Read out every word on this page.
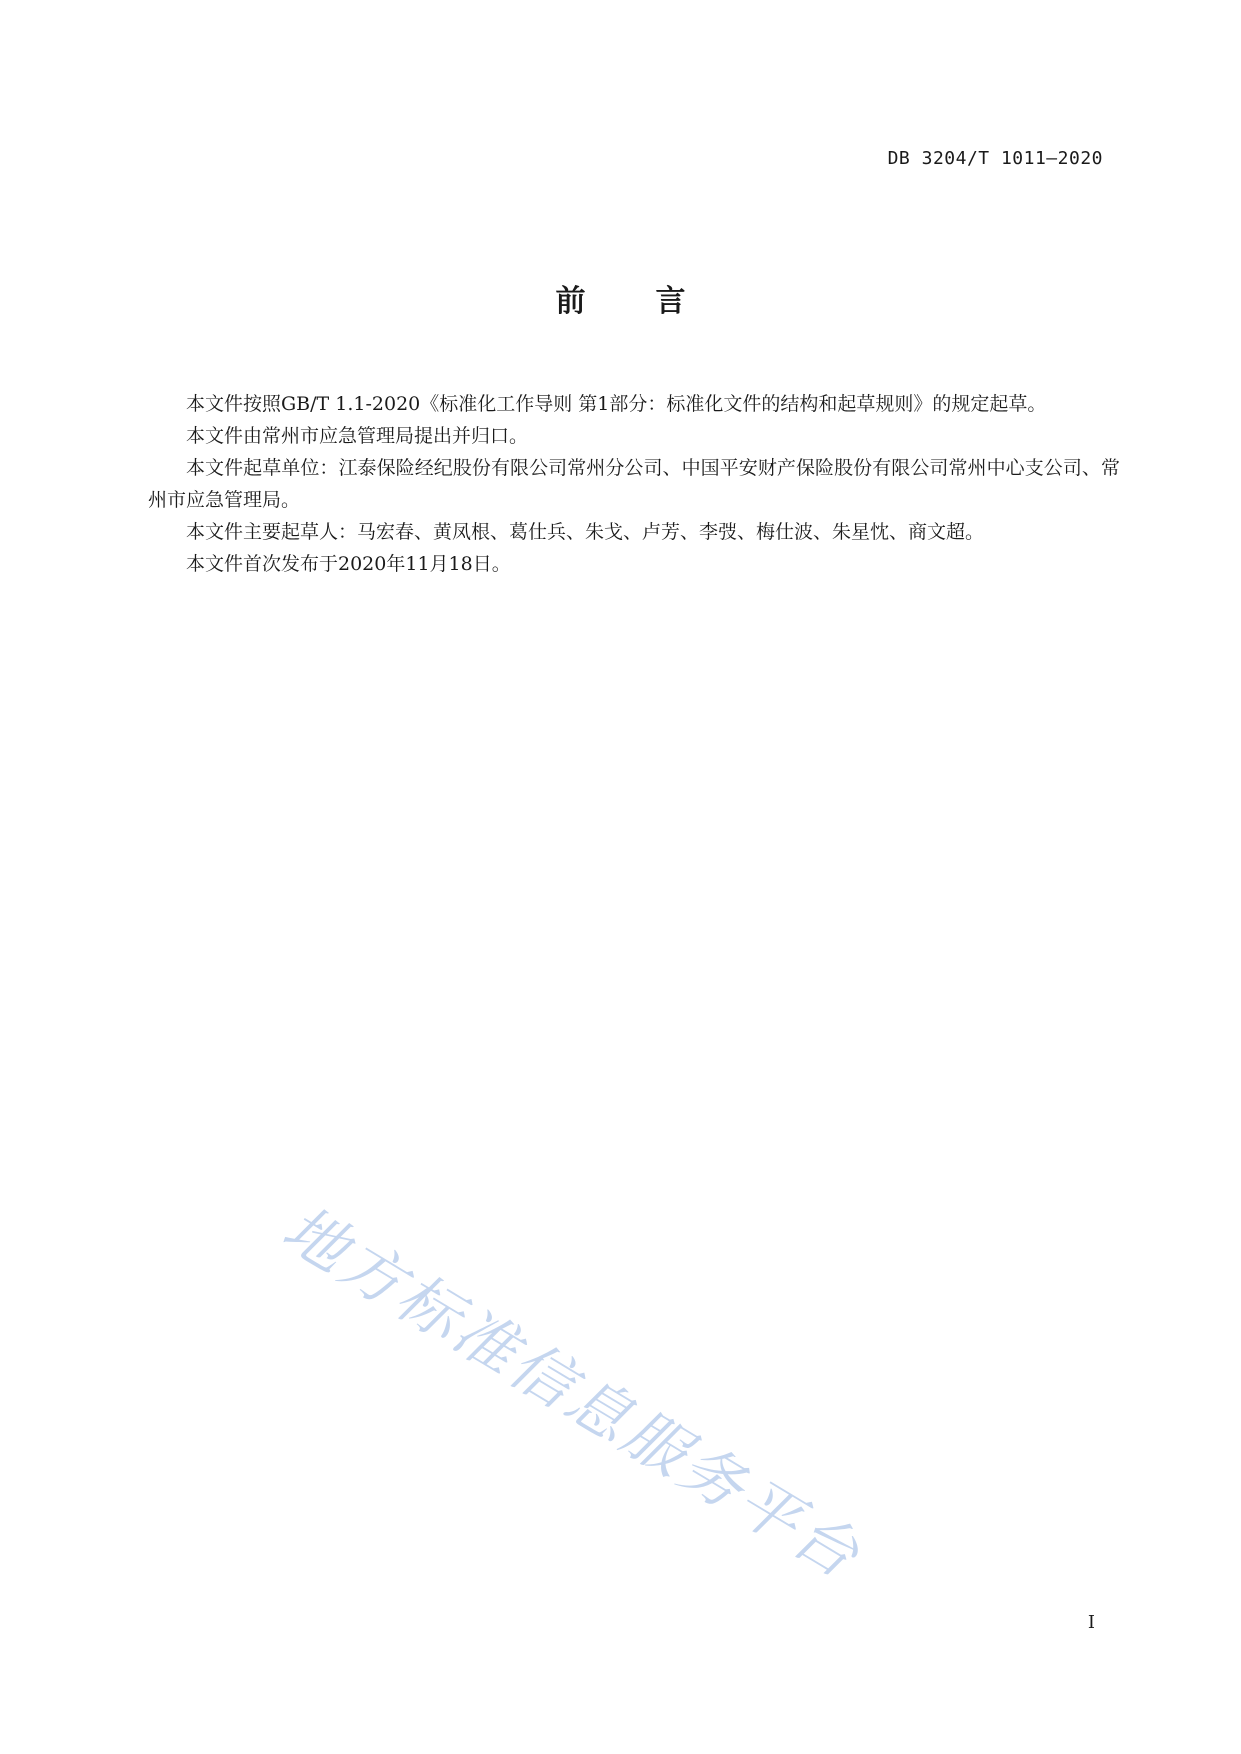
DB 3204/T 1011—2020
前言

本文件按照GB/T 1.1-2020《标准化工作导则 第1部分：标准化文件的结构和起草规则》的规定起草。

本文件由常州市应急管理局提出并归口。

本文件起草单位：江泰保险经纪股份有限公司常州分公司、中国平安财产保险股份有限公司常州中心支公司、常州市应急管理局。

本文件主要起草人：马宏春、黄凤根、葛仕兵、朱戈、卢芳、李弢、梅仕波、朱星忱、商文超。

本文件首次发布于2020年11月18日。

地方标准信息服务平台
I
